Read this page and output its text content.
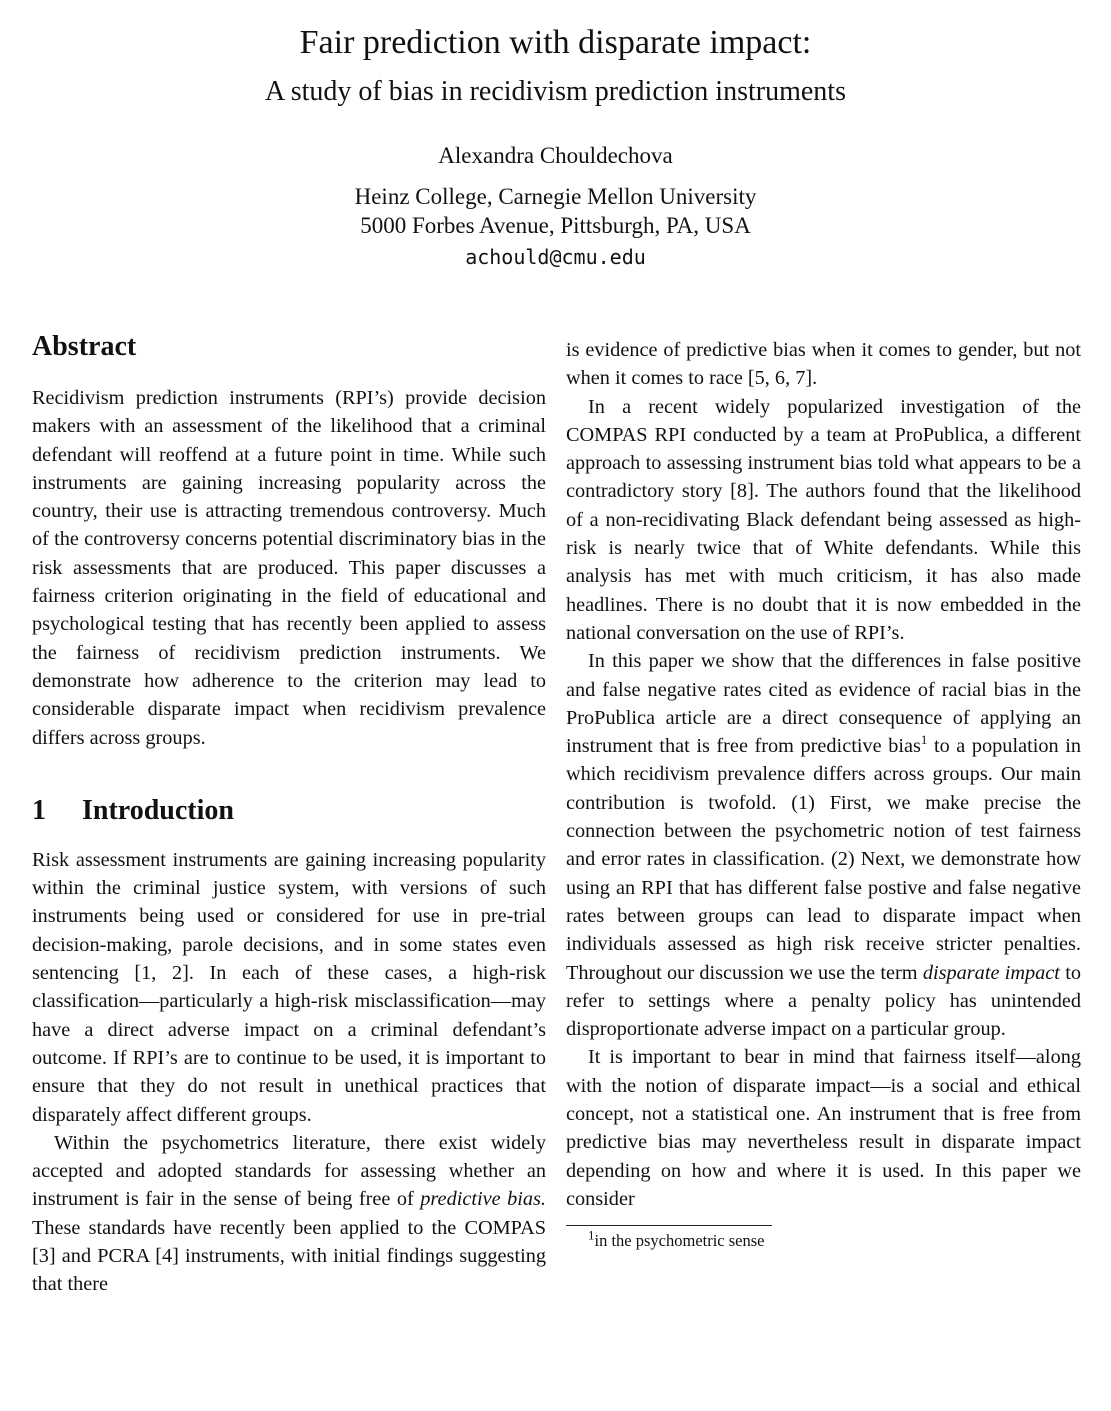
Fair prediction with disparate impact:
A study of bias in recidivism prediction instruments
Alexandra Chouldechova
Heinz College, Carnegie Mellon University
5000 Forbes Avenue, Pittsburgh, PA, USA
achould@cmu.edu
Abstract

Recidivism prediction instruments (RPI’s) provide decision makers with an assessment of the likelihood that a criminal defendant will reoffend at a future point in time. While such instruments are gaining increasing popularity across the country, their use is attracting tremendous controversy. Much of the controversy concerns potential discriminatory bias in the risk assessments that are produced. This paper discusses a fairness criterion originating in the field of educational and psychological testing that has recently been applied to assess the fairness of recidivism prediction instruments. We demonstrate how adherence to the criterion may lead to considerable disparate impact when recidivism prevalence differs across groups.

1 Introduction

Risk assessment instruments are gaining increasing popularity within the criminal justice system, with versions of such instruments being used or considered for use in pre-trial decision-making, parole decisions, and in some states even sentencing [1, 2]. In each of these cases, a high-risk classification—particularly a high-risk misclassification—may have a direct adverse impact on a criminal defendant’s outcome. If RPI’s are to continue to be used, it is important to ensure that they do not result in unethical practices that disparately affect different groups.

Within the psychometrics literature, there exist widely accepted and adopted standards for assessing whether an instrument is fair in the sense of being free of predictive bias. These standards have recently been applied to the COMPAS [3] and PCRA [4] instruments, with initial findings suggesting that there

is evidence of predictive bias when it comes to gender, but not when it comes to race [5, 6, 7].

In a recent widely popularized investigation of the COMPAS RPI conducted by a team at ProPublica, a different approach to assessing instrument bias told what appears to be a contradictory story [8]. The authors found that the likelihood of a non-recidivating Black defendant being assessed as high-risk is nearly twice that of White defendants. While this analysis has met with much criticism, it has also made headlines. There is no doubt that it is now embedded in the national conversation on the use of RPI’s.

In this paper we show that the differences in false positive and false negative rates cited as evidence of racial bias in the ProPublica article are a direct consequence of applying an instrument that is free from predictive bias$^1$ to a population in which recidivism prevalence differs across groups. Our main contribution is twofold. (1) First, we make precise the connection between the psychometric notion of test fairness and error rates in classification. (2) Next, we demonstrate how using an RPI that has different false postive and false negative rates between groups can lead to disparate impact when individuals assessed as high risk receive stricter penalties. Throughout our discussion we use the term disparate impact to refer to settings where a penalty policy has unintended disproportionate adverse impact on a particular group.

It is important to bear in mind that fairness itself—along with the notion of disparate impact—is a social and ethical concept, not a statistical one. An instrument that is free from predictive bias may nevertheless result in disparate impact depending on how and where it is used. In this paper we consider

$^1$in the psychometric sense
